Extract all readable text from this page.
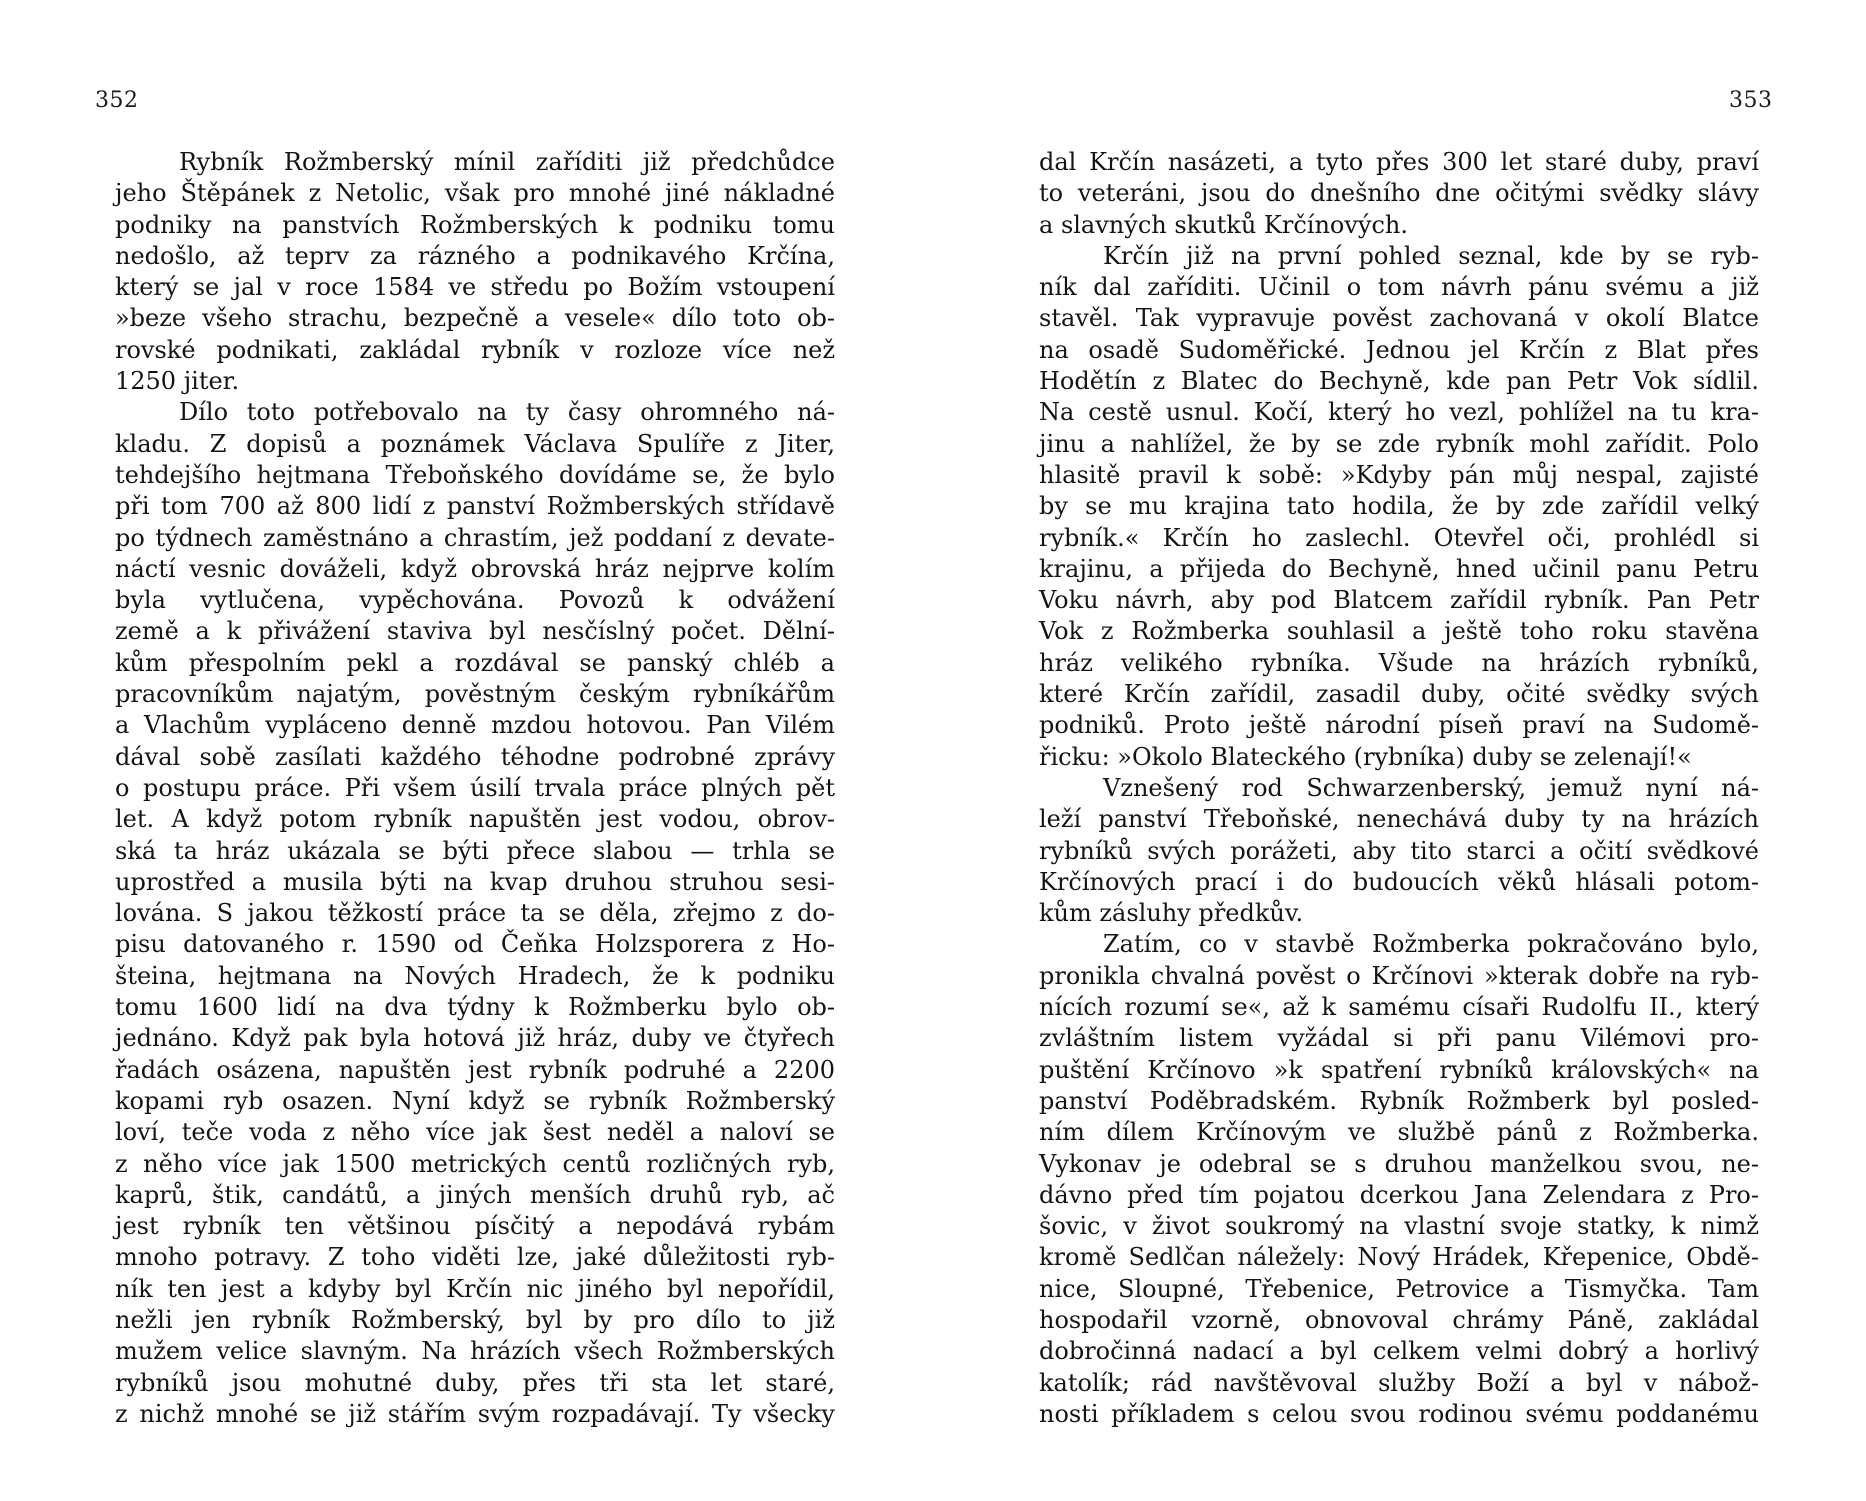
352
Rybník Rožmberský mínil zaříditi již předchůdce
jeho Štěpánek z Netolic, však pro mnohé jiné nákladné
podniky na panstvích Rožmberských k podniku tomu
nedošlo, až teprv za rázného a podnikavého Krčína,
který se jal v roce 1584 ve středu po Božím vstoupení
»beze všeho strachu, bezpečně a vesele« dílo toto ob-
rovské podnikati, zakládal rybník v rozloze více než
1250 jiter.
Dílo toto potřebovalo na ty časy ohromného ná-
kladu. Z dopisů a poznámek Václava Spulíře z Jiter,
tehdejšího hejtmana Třeboňského dovídáme se, že bylo
při tom 700 až 800 lidí z panství Rožmberských střídavě
po týdnech zaměstnáno a chrastím, jež poddaní z devate-
náctí vesnic dováželi, když obrovská hráz nejprve kolím
byla vytlučena, vypěchována. Povozů k odvážení
země a k přivážení staviva byl nesčíslný počet. Dělní-
kům přespolním pekl a rozdával se panský chléb a
pracovníkům najatým, pověstným českým rybníkářům
a Vlachům vypláceno denně mzdou hotovou. Pan Vilém
dával sobě zasílati každého téhodne podrobné zprávy
o postupu práce. Při všem úsilí trvala práce plných pět
let. A když potom rybník napuštěn jest vodou, obrov-
ská ta hráz ukázala se býti přece slabou — trhla se
uprostřed a musila býti na kvap druhou struhou sesi-
lována. S jakou těžkostí práce ta se děla, zřejmo z do-
pisu datovaného r. 1590 od Čeňka Holzsporera z Ho-
šteina, hejtmana na Nových Hradech, že k podniku
tomu 1600 lidí na dva týdny k Rožmberku bylo ob-
jednáno. Když pak byla hotová již hráz, duby ve čtyřech
řadách osázena, napuštěn jest rybník podruhé a 2200
kopami ryb osazen. Nyní když se rybník Rožmberský
loví, teče voda z něho více jak šest neděl a naloví se
z něho více jak 1500 metrických centů rozličných ryb,
kaprů, štik, candátů, a jiných menších druhů ryb, ač
jest rybník ten většinou písčitý a nepodává rybám
mnoho potravy. Z toho viděti lze, jaké důležitosti ryb-
ník ten jest a kdyby byl Krčín nic jiného byl nepořídil,
nežli jen rybník Rožmberský, byl by pro dílo to již
mužem velice slavným. Na hrázích všech Rožmberských
rybníků jsou mohutné duby, přes tři sta let staré,
z nichž mnohé se již stářím svým rozpadávají. Ty všecky
353
dal Krčín nasázeti, a tyto přes 300 let staré duby, praví
to veteráni, jsou do dnešního dne očitými svědky slávy
a slavných skutků Krčínových.
Krčín již na první pohled seznal, kde by se ryb-
ník dal zaříditi. Učinil o tom návrh pánu svému a již
stavěl. Tak vypravuje pověst zachovaná v okolí Blatce
na osadě Sudoměřické. Jednou jel Krčín z Blat přes
Hodětín z Blatec do Bechyně, kde pan Petr Vok sídlil.
Na cestě usnul. Kočí, který ho vezl, pohlížel na tu kra-
jinu a nahlížel, že by se zde rybník mohl zařídit. Polo
hlasitě pravil k sobě: »Kdyby pán můj nespal, zajisté
by se mu krajina tato hodila, že by zde zařídil velký
rybník.« Krčín ho zaslechl. Otevřel oči, prohlédl si
krajinu, a přijeda do Bechyně, hned učinil panu Petru
Voku návrh, aby pod Blatcem zařídil rybník. Pan Petr
Vok z Rožmberka souhlasil a ještě toho roku stavěna
hráz velikého rybníka. Všude na hrázích rybníků,
které Krčín zařídil, zasadil duby, očité svědky svých
podniků. Proto ještě národní píseň praví na Sudomě-
řicku: »Okolo Blateckého (rybníka) duby se zelenají!«
Vznešený rod Schwarzenberský, jemuž nyní ná-
leží panství Třeboňské, nenechává duby ty na hrázích
rybníků svých porážeti, aby tito starci a očití svědkové
Krčínových prací i do budoucích věků hlásali potom-
kům zásluhy předkův.
Zatím, co v stavbě Rožmberka pokračováno bylo,
pronikla chvalná pověst o Krčínovi »kterak dobře na ryb-
nících rozumí se«, až k samému císaři Rudolfu II., který
zvláštním listem vyžádal si při panu Vilémovi pro-
puštění Krčínovo »k spatření rybníků královských« na
panství Poděbradském. Rybník Rožmberk byl posled-
ním dílem Krčínovým ve službě pánů z Rožmberka.
Vykonav je odebral se s druhou manželkou svou, ne-
dávno před tím pojatou dcerkou Jana Zelendara z Pro-
šovic, v život soukromý na vlastní svoje statky, k nimž
kromě Sedlčan náležely: Nový Hrádek, Křepenice, Obdě-
nice, Sloupné, Třebenice, Petrovice a Tismyčka. Tam
hospodařil vzorně, obnovoval chrámy Páně, zakládal
dobročinná nadací a byl celkem velmi dobrý a horlivý
katolík; rád navštěvoval služby Boží a byl v nábož-
nosti příkladem s celou svou rodinou svému poddanému
